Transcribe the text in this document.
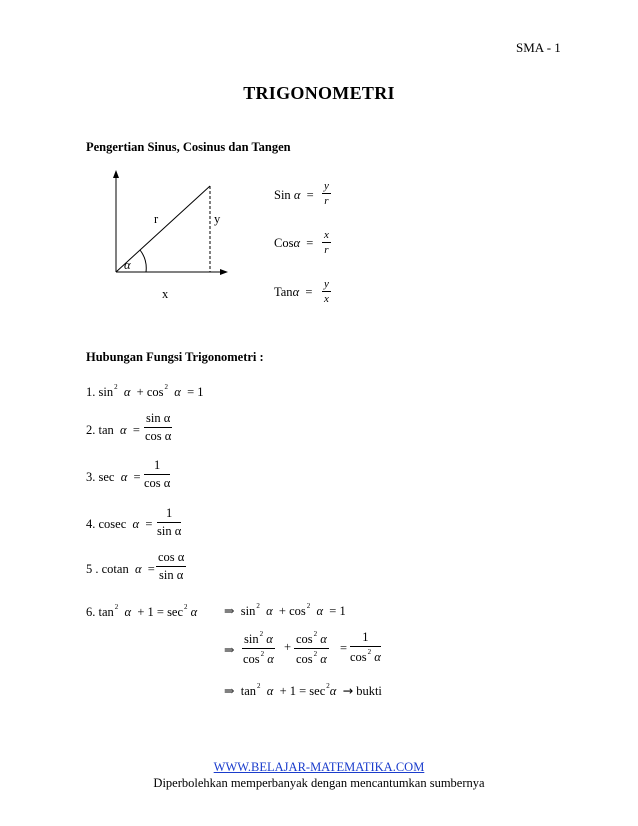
SMA - 1
TRIGONOMETRI
Pengertian Sinus, Cosinus dan Tangen
r	y
α
x
Sin $\alpha = \frac{y}{r}$
$Cos\alpha = \frac{x}{r}$
$Tan\alpha = \frac{y}{x}$
Hubungan Fungsi Trigonometri :
1. $\sin^2 \alpha + \cos^2 \alpha = 1$
2. $\tan \alpha = \frac{\text{sin α}}{\text{cos α}}$
3. $\sec \alpha = \frac{1}{\text{cos α}}$
4. cosec $\alpha = \frac{1}{\text{sin α}}$
5 . cotan $\alpha = \frac{\text{cos α}}{\text{sin α}}$
6. $\tan^2 \alpha + 1 = \sec^2 \alpha$ ⇒ $\sin^2 \alpha + \cos^2 \alpha = 1$
⇒ $\frac{\sin^2 \alpha}{\cos^2 \alpha} + \frac{\cos^2 \alpha}{\cos^2 \alpha} = \frac{1}{\cos^2 \alpha}$
⇒ $\tan^2 \alpha + 1 = \sec^2\alpha$ → bukti
WWW.BELAJAR-MATEMATIKA.COM
Diperbolehkan memperbanyak dengan mencantumkan sumbernya
